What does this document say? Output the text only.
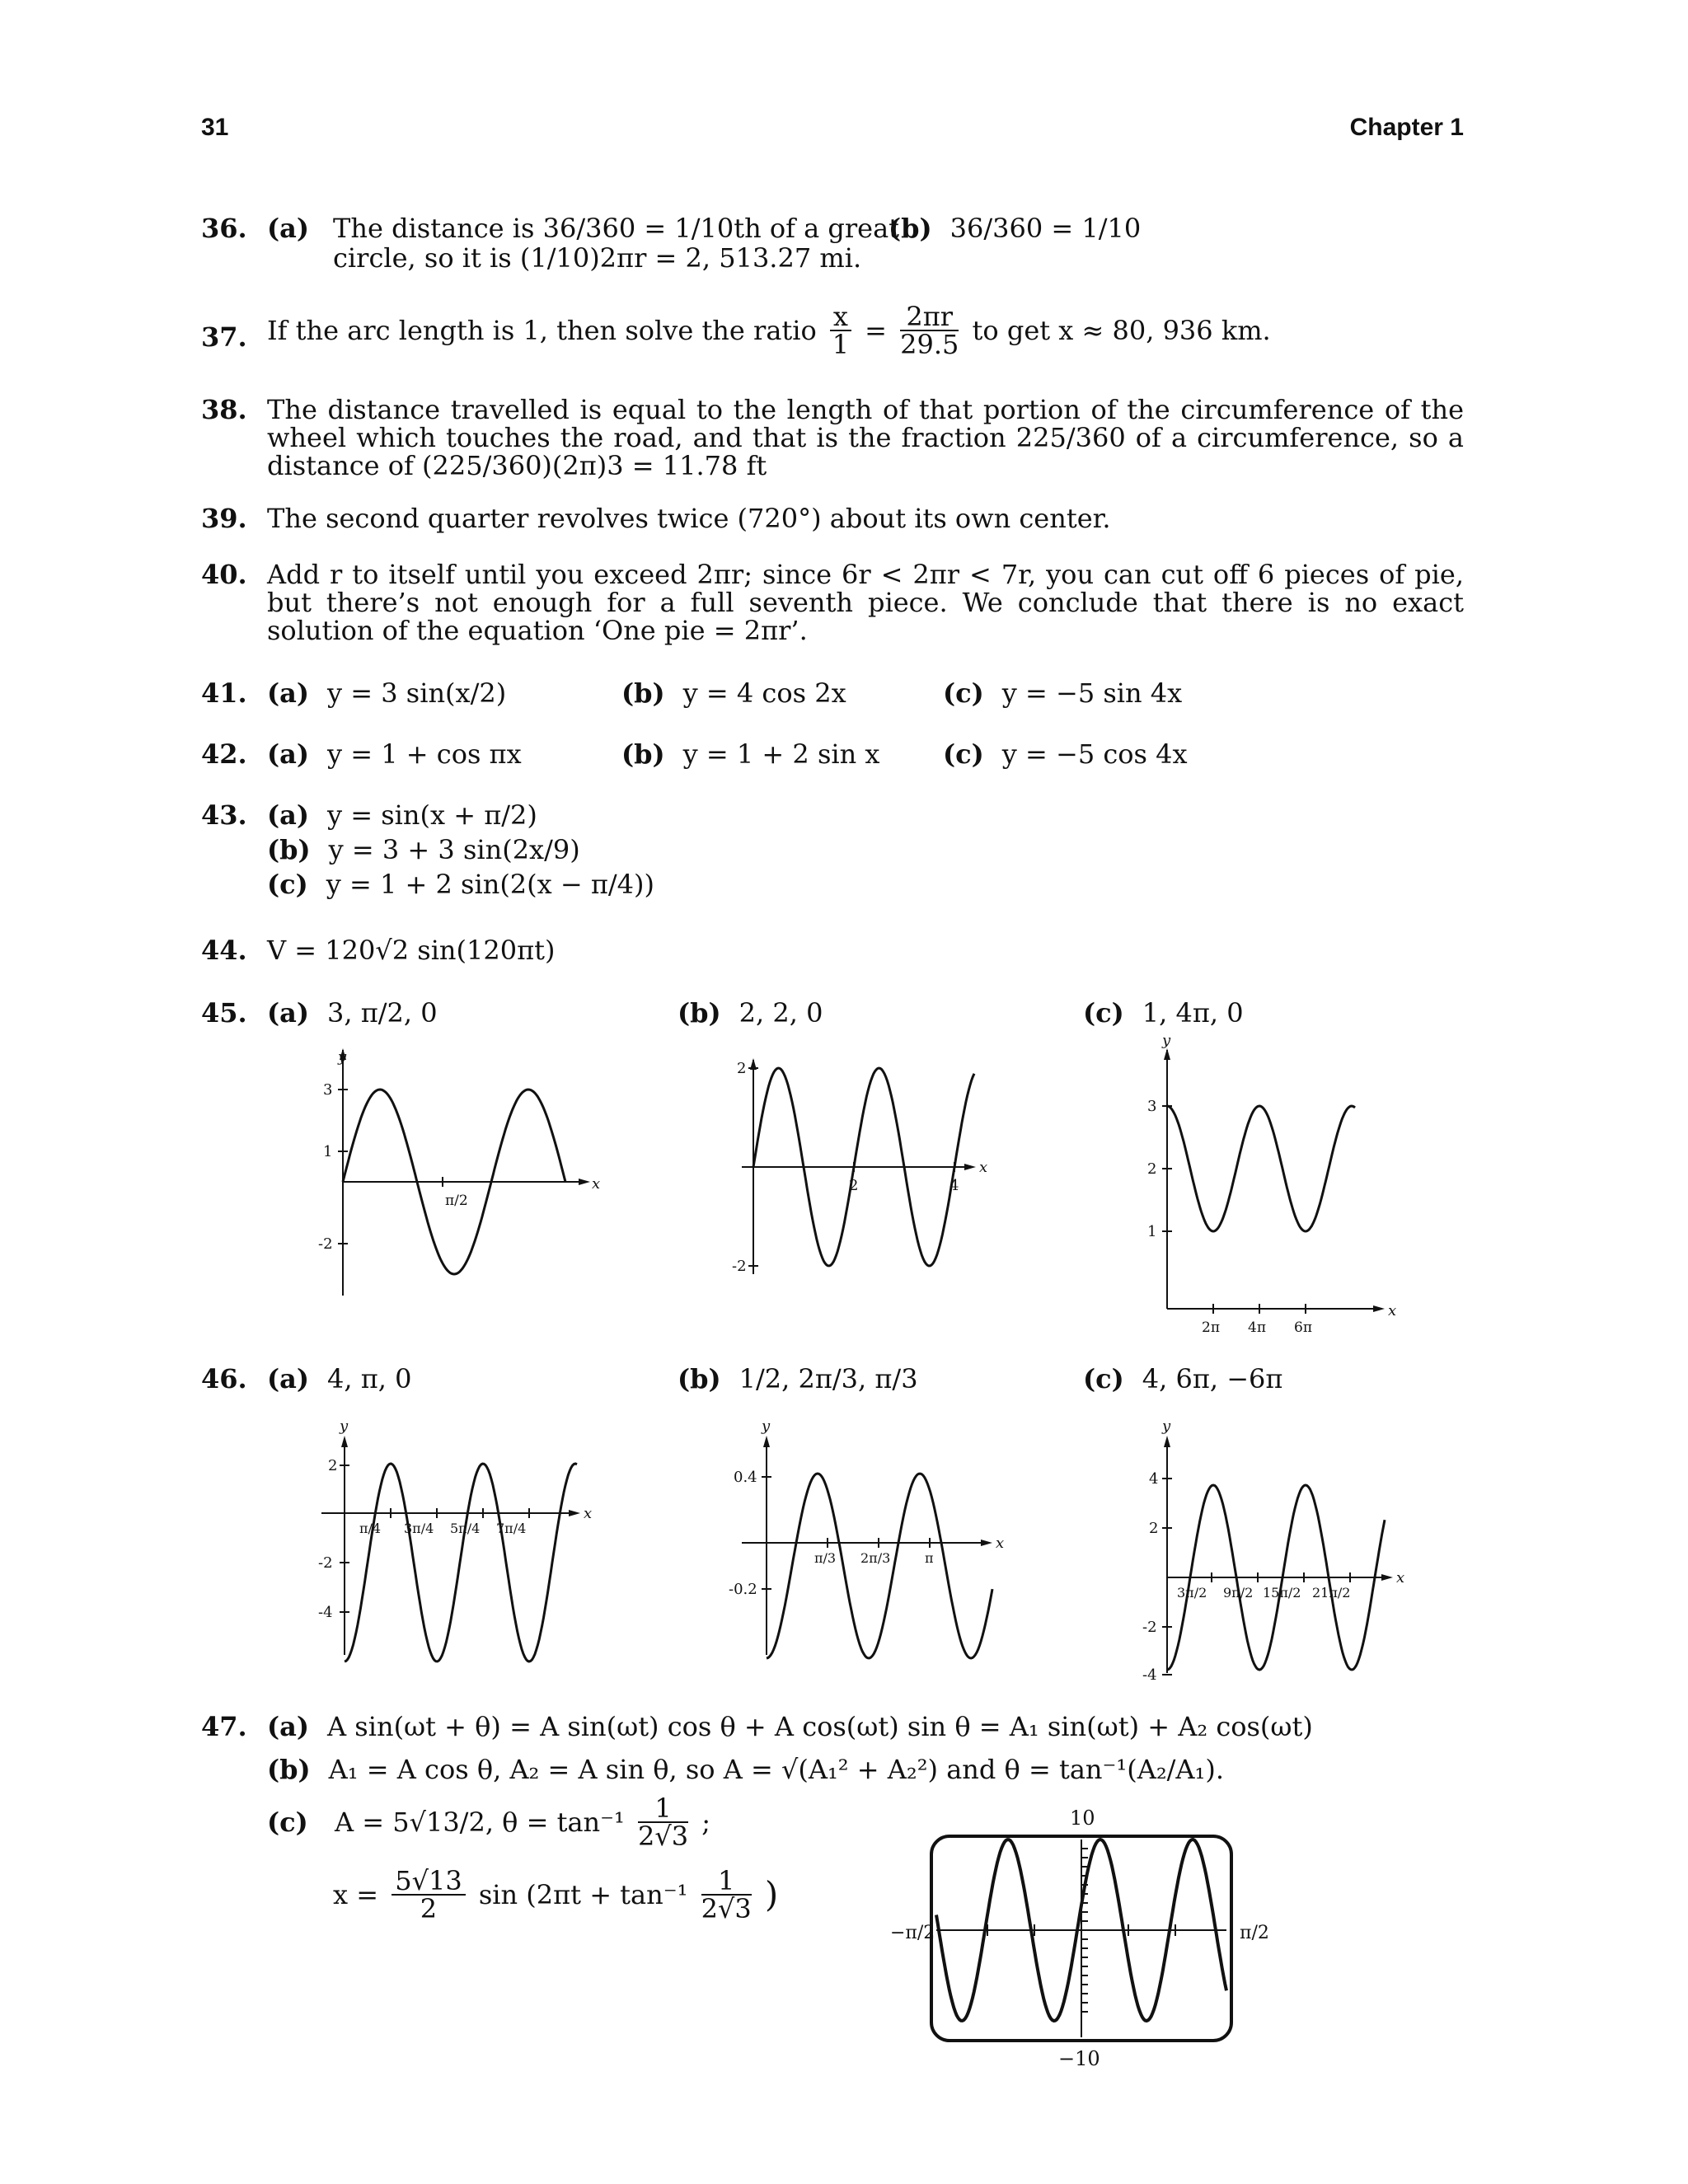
31	Chapter 1
36. (a) The distance is 36/360 = 1/10th of a great
circle, so it is (1/10)2πr = 2, 513.27 mi.
(b) 36/360 = 1/10
37. If the arc length is 1, then solve the ratio $\frac{x}{1} = \frac{2\pi r}{29.5}$ to get x ≈ 80, 936 km.
38. The distance travelled is equal to the length of that portion of the circumference of the wheel which touches the road, and that is the fraction 225/360 of a circumference, so a distance of (225/360)(2π)3 = 11.78 ft
39. The second quarter revolves twice (720°) about its own center.
40. Add r to itself until you exceed 2πr; since 6r < 2πr < 7r, you can cut off 6 pieces of pie, but there’s not enough for a full seventh piece. We conclude that there is no exact solution of the equation ‘One pie = 2πr’.
41. (a) y = 3 sin(x/2)	(b) y = 4 cos 2x	(c) y = −5 sin 4x
42. (a) y = 1 + cos πx	(b) y = 1 + 2 sin x (c) y = −5 cos 4x
43. (a) y = sin(x + π/2)
(b) y = 3 + 3 sin(2x/9)
(c) y = 1 + 2 sin(2(x − π/4))
44. V = 120√2 sin(120πt)
45. (a) 3, π/2, 0	(b) 2, 2, 0	(c) 1, 4π, 0
y
x
3
1
-2
π/2
x
2
-2
2	4
y
x
3
2
1
2π 4π 6π
46. (a) 4, π, 0	(b) 1/2, 2π/3, π/3	(c) 4, 6π, −6π
y
x
2
-2
-4
π/4 3π/4 5π/4 7π/4
y
x
0.4
-0.2
π/3 2π/3	π
y
x
4
2
-2
-4
3π/2 9π/2 15π/2 21π/2
47. (a) A sin(ωt + θ) = A sin(ωt) cos θ + A cos(ωt) sin θ = A₁ sin(ωt) + A₂ cos(ωt)
(b) A₁ = A cos θ, A₂ = A sin θ, so A = √(A₁² + A₂²) and θ = tan⁻¹(A₂/A₁).
(c) A = 5√13/2, $\theta = \tan^{-1} \frac{1}{2√3}$ ;
$x = \frac{5√13}{2}$ $\sin (2\pi t + \tan^{-1} \frac{1}{2√3}$ )
10
−π/2	π/2
−10
